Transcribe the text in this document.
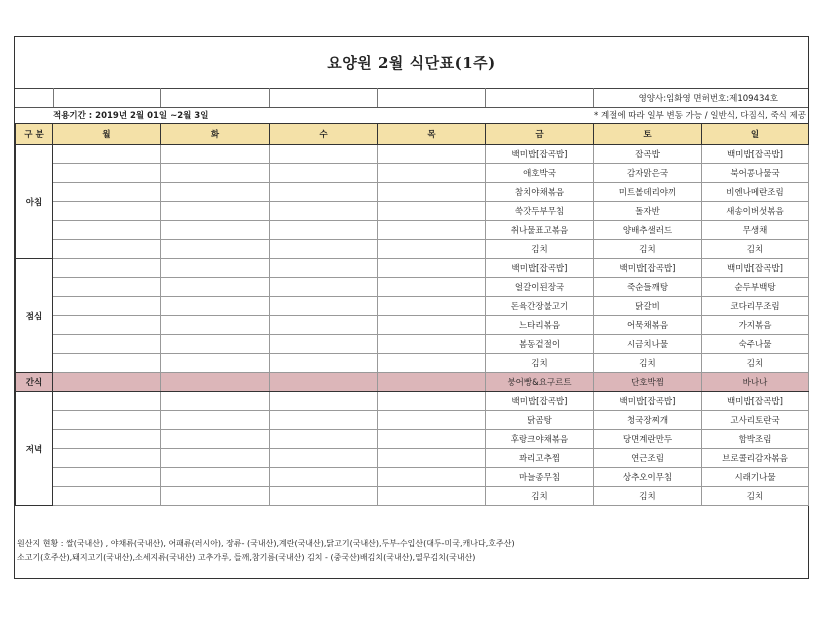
요양원 2월 식단표(1주)
영양사:임화영 면허번호:제109434호
적용기간 : 2019년 2월 01일 ~2월 3일	* 계절에 따라 일부 변동 가능 / 일반식, 다짐식, 죽식 제공
구 분	월	화	수	목	금	토	일
아침					백미밥[잡곡밥]	잡곡밥	백미밥[잡곡밥]
					애호박국	감자맑은국	북어콩나물국
					참치야채볶음	미트볼데리야끼	비엔나메란조림
					쑥갓두부무침	돌자반	새송이버섯볶음
					취나물표고볶음	양배추샐러드	무생채
					김치	김치	김치
점심					백미밥[잡곡밥]	백미밥[잡곡밥]	백미밥[잡곡밥]
					얼갈이된장국	죽순들깨탕	순두부백탕
					돈육간장불고기	닭갈비	코다리무조림
					느타리볶음	어묵채볶음	가지볶음
					봄동겉절이	시금치나물	숙주나물
					김치	김치	김치
간식					붕어빵&요구르트	단호박찜	바나나
저녁					백미밥[잡곡밥]	백미밥[잡곡밥]	백미밥[잡곡밥]
					닭곰탕	청국장찌개	고사리토란국
					후랑크야채볶음	당면계란만두	함박조림
					꽈리고추찜	연근조림	브로콜리감자볶음
					마늘종무침	상추오이무침	시래기나물
					김치	김치	김치
원산지 현황 : 쌀(국내산) , 야채류(국내산), 어패류(러시아), 장류- (국내산),계란(국내산),닭고기(국내산),두부-수입산(대두-미국,캐나다,호주산)
소고기(호주산),돼지고기(국내산),소세지류(국내산) 고추가루, 들깨,참기름(국내산) 김치 - (중국산)배김치(국내산),열무김치(국내산)
